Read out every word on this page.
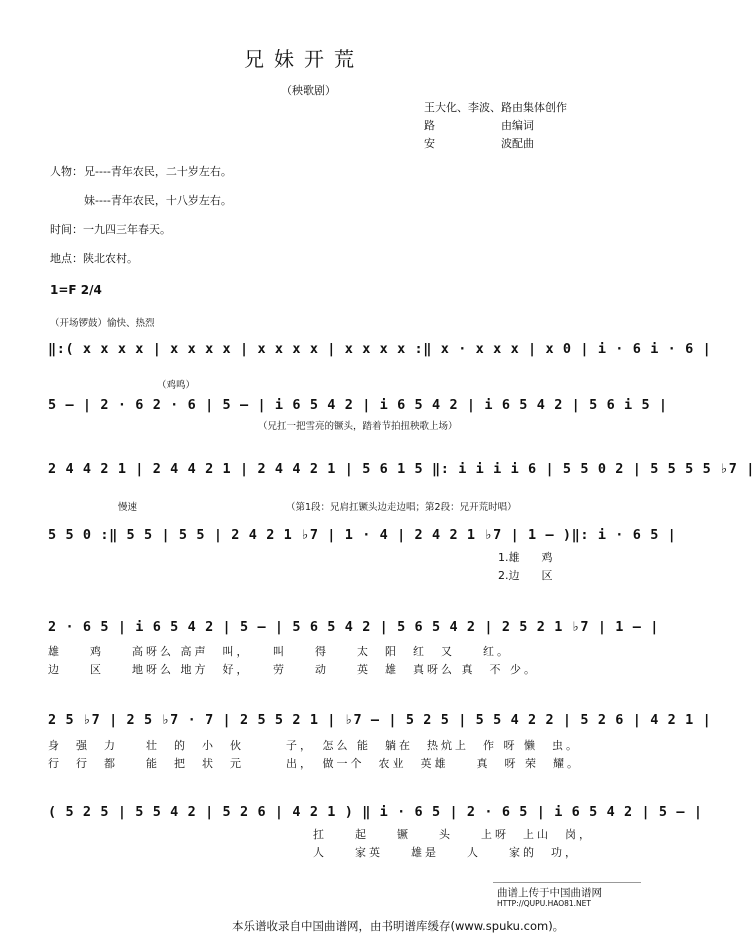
兄妹开荒
（秧歌剧）
王大化、李波、路由集体创作
路　　　　　　由编词
安　　　　　　波配曲
人物： 兄----青年农民，二十岁左右。
妹----青年农民，十八岁左右。
时间：一九四三年春天。
地点：陕北农村。
1=F 2/4
（开场锣鼓）愉快、热烈
‖:( x x x x | x x x x | x x x x | x x x x :‖ x · x x x | x 0 | i · 6 i · 6 |
（鸡鸣）
5 – | 2 · 6 2 · 6 | 5 – | i 6 5 4 2 | i 6 5 4 2 | i 6 5 4 2 | 5 6 i 5 |
（兄扛一把雪亮的镢头，踏着节拍扭秧歌上场）
2 4 4 2 1 | 2 4 4 2 1 | 2 4 4 2 1 | 5 6 1 5 ‖: i i i i 6 | 5 5 0 2 | 5 5 5 5 ♭7 |
慢速	（第1段：兄肩扛镢头边走边唱；第2段：兄开荒时唱）
5 5 0 :‖ 5 5 | 5 5 | 2 4 2 1 ♭7 | 1 · 4 | 2 4 2 1 ♭7 | 1 – )‖: i · 6 5 |
1.雄　　鸡
2.边　　区
2 · 6 5 | i 6 5 4 2 | 5 – | 5 6 5 4 2 | 5 6 5 4 2 | 2 5 2 1 ♭7 | 1 – |
雄　　鸡　　高呀么 高声　叫，　　叫　　得　　太　阳　红　又　　红。
边　　区　　地呀么 地方　好，　　劳　　动　　英　雄　真呀么 真　不 少。
2 5 ♭7 | 2 5 ♭7 · 7 | 2 5 5 2 1 | ♭7 – | 5 2 5 | 5 5 4 2 2 | 5 2 6 | 4 2 1 |
身　强　力　　壮　的　小　伙　　　子，　怎么 能　躺在　热炕上　作 呀 懒　虫。
行　行　都　　能　把　状　元　　　出，　做一个　农业　英雄　　真　呀 荣　耀。
( 5 2 5 | 5 5 4 2 | 5 2 6 | 4 2 1 ) ‖ i · 6 5 | 2 · 6 5 | i 6 5 4 2 | 5 – |
扛　　起　　镢　　头　　上呀　上山　岗，
人　　家英　　雄是　　人　　家的　功，
曲谱上传于中国曲谱网
HTTP://QUPU.HAO81.NET
本乐谱收录自中国曲谱网，由书明谱库缓存(www.spuku.com)。
